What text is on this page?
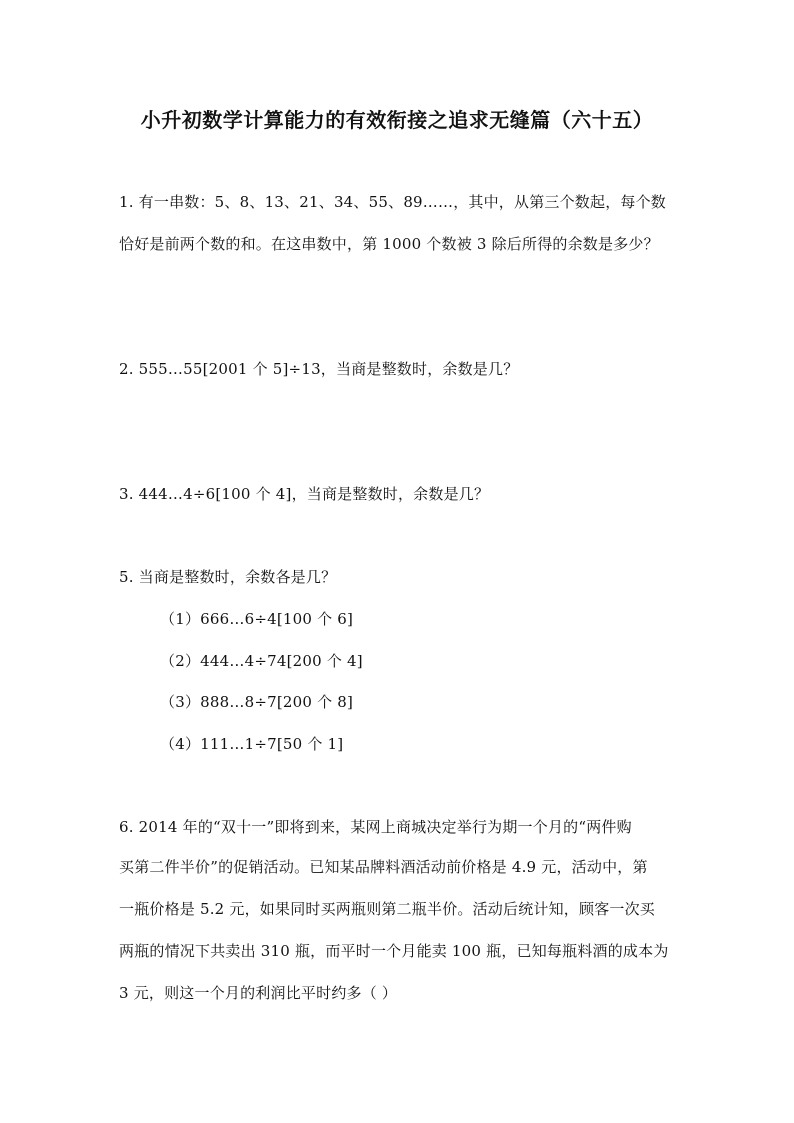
小升初数学计算能力的有效衔接之追求无缝篇（六十五）
1. 有一串数：5、8、13、21、34、55、89……，其中，从第三个数起，每个数
恰好是前两个数的和。在这串数中，第 1000 个数被 3 除后所得的余数是多少？
2. 555…55[2001 个 5]÷13，当商是整数时，余数是几？
3. 444…4÷6[100 个 4]，当商是整数时，余数是几？
5. 当商是整数时，余数各是几？
（1）666…6÷4[100 个 6]
（2）444…4÷74[200 个 4]
（3）888…8÷7[200 个 8]
（4）111…1÷7[50 个 1]
6. 2014 年的“双十一”即将到来，某网上商城决定举行为期一个月的“两件购
买第二件半价”的促销活动。已知某品牌料酒活动前价格是 4.9 元，活动中，第
一瓶价格是 5.2 元，如果同时买两瓶则第二瓶半价。活动后统计知，顾客一次买
两瓶的情况下共卖出 310 瓶，而平时一个月能卖 100 瓶，已知每瓶料酒的成本为
3 元，则这一个月的利润比平时约多（ ）
